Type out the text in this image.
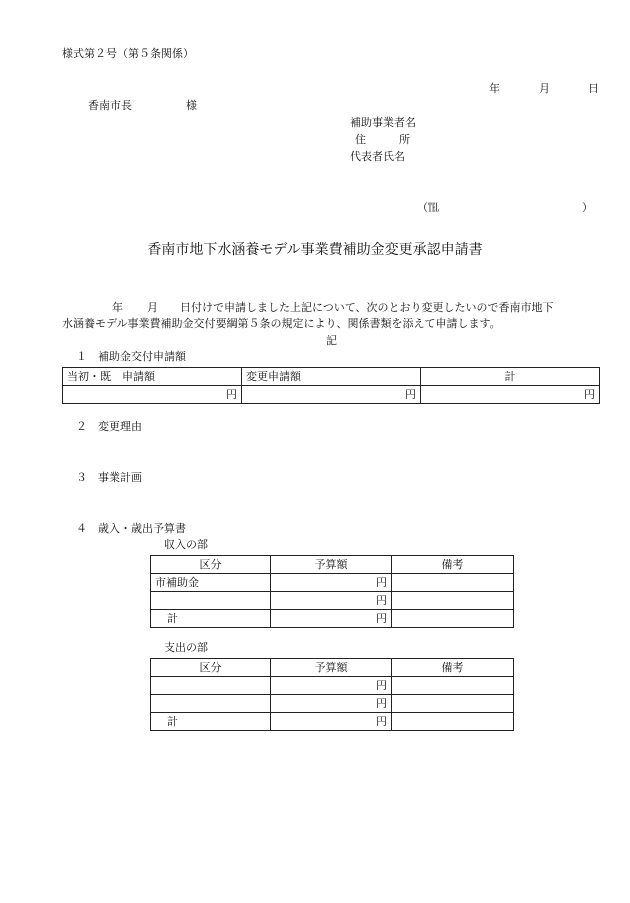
様式第２号（第５条関係）
年	月	日
香南市長	様
補助事業者名
住	所
代表者氏名
（℡	）
香南市地下水涵養モデル事業費補助金変更承認申請書
年 月 日付けで申請しました上記について、次のとおり変更したいので香南市地下
水涵養モデル事業費補助金交付要綱第５条の規定により、関係書類を添えて申請します。
記
１　補助金交付申請額
当初・既　申請額	変更申請額	計
円	円	円
２　変更理由
３　事業計画
４　歳入・歳出予算書
収入の部
区分	予算額	備考
市補助金	円	
	円	
計	円	
支出の部
区分	予算額	備考
	円	
	円	
計	円	
